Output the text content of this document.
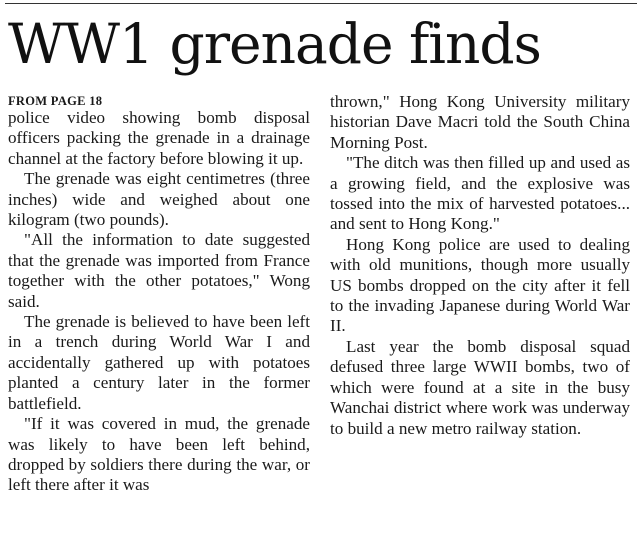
WW1 grenade finds
FROM PAGE 18

police video showing bomb disposal officers packing the grenade in a drainage channel at the factory before blowing it up.

The grenade was eight centimetres (three inches) wide and weighed about one kilogram (two pounds).

"All the information to date suggested that the grenade was imported from France together with the other potatoes," Wong said.

The grenade is believed to have been left in a trench during World War I and accidentally gathered up with potatoes planted a century later in the former battlefield.

"If it was covered in mud, the grenade was likely to have been left behind, dropped by soldiers there during the war, or left there after it was

thrown," Hong Kong University military historian Dave Macri told the South China Morning Post.

"The ditch was then filled up and used as a growing field, and the explosive was tossed into the mix of harvested potatoes... and sent to Hong Kong."

Hong Kong police are used to dealing with old munitions, though more usually US bombs dropped on the city after it fell to the invading Japanese during World War II.

Last year the bomb disposal squad defused three large WWII bombs, two of which were found at a site in the busy Wanchai district where work was underway to build a new metro railway station.
